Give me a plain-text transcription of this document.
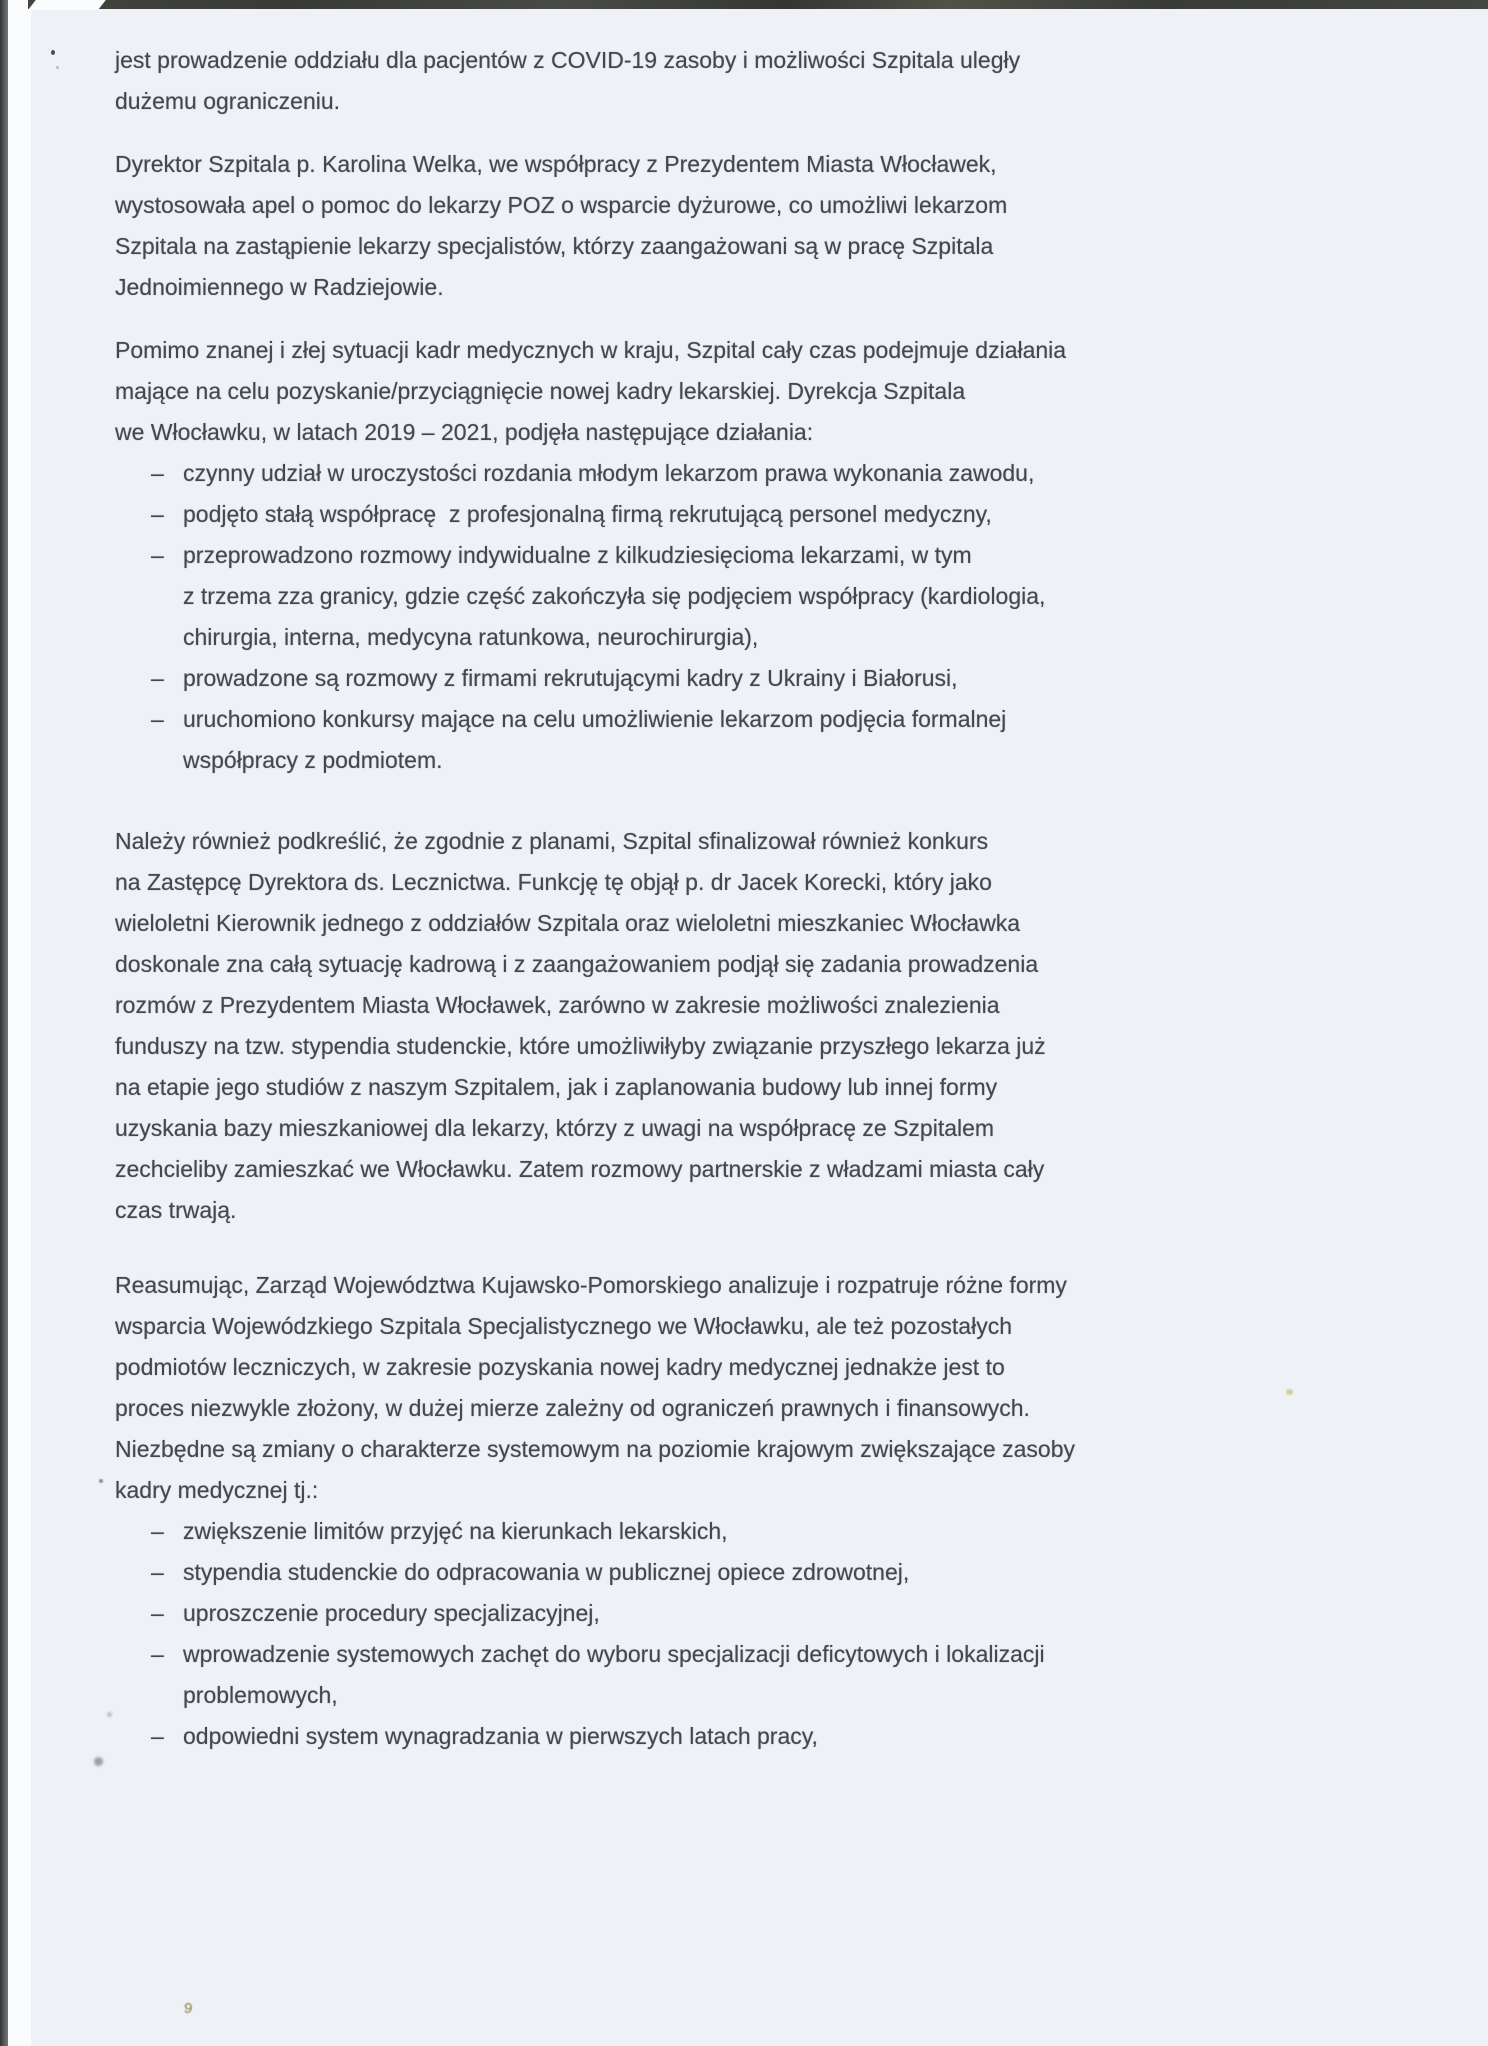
9
jest prowadzenie oddziału dla pacjentów z COVID-19 zasoby i możliwości Szpitala uległy
dużemu ograniczeniu.
Dyrektor Szpitala p. Karolina Welka, we współpracy z Prezydentem Miasta Włocławek,
wystosowała apel o pomoc do lekarzy POZ o wsparcie dyżurowe, co umożliwi lekarzom
Szpitala na zastąpienie lekarzy specjalistów, którzy zaangażowani są w pracę Szpitala
Jednoimiennego w Radziejowie.
Pomimo znanej i złej sytuacji kadr medycznych w kraju, Szpital cały czas podejmuje działania
mające na celu pozyskanie/przyciągnięcie nowej kadry lekarskiej. Dyrekcja Szpitala
we Włocławku, w latach 2019 – 2021, podjęła następujące działania:
– czynny udział w uroczystości rozdania młodym lekarzom prawa wykonania zawodu,
– podjęto stałą współpracę  z profesjonalną firmą rekrutującą personel medyczny,
– przeprowadzono rozmowy indywidualne z kilkudziesięcioma lekarzami, w tym
z trzema zza granicy, gdzie część zakończyła się podjęciem współpracy (kardiologia,
chirurgia, interna, medycyna ratunkowa, neurochirurgia),
– prowadzone są rozmowy z firmami rekrutującymi kadry z Ukrainy i Białorusi,
– uruchomiono konkursy mające na celu umożliwienie lekarzom podjęcia formalnej
współpracy z podmiotem.
Należy również podkreślić, że zgodnie z planami, Szpital sfinalizował również konkurs
na Zastępcę Dyrektora ds. Lecznictwa. Funkcję tę objął p. dr Jacek Korecki, który jako
wieloletni Kierownik jednego z oddziałów Szpitala oraz wieloletni mieszkaniec Włocławka
doskonale zna całą sytuację kadrową i z zaangażowaniem podjął się zadania prowadzenia
rozmów z Prezydentem Miasta Włocławek, zarówno w zakresie możliwości znalezienia
funduszy na tzw. stypendia studenckie, które umożliwiłyby związanie przyszłego lekarza już
na etapie jego studiów z naszym Szpitalem, jak i zaplanowania budowy lub innej formy
uzyskania bazy mieszkaniowej dla lekarzy, którzy z uwagi na współpracę ze Szpitalem
zechcieliby zamieszkać we Włocławku. Zatem rozmowy partnerskie z władzami miasta cały
czas trwają.
Reasumując, Zarząd Województwa Kujawsko-Pomorskiego analizuje i rozpatruje różne formy
wsparcia Wojewódzkiego Szpitala Specjalistycznego we Włocławku, ale też pozostałych
podmiotów leczniczych, w zakresie pozyskania nowej kadry medycznej jednakże jest to
proces niezwykle złożony, w dużej mierze zależny od ograniczeń prawnych i finansowych.
Niezbędne są zmiany o charakterze systemowym na poziomie krajowym zwiększające zasoby
kadry medycznej tj.:
– zwiększenie limitów przyjęć na kierunkach lekarskich,
– stypendia studenckie do odpracowania w publicznej opiece zdrowotnej,
– uproszczenie procedury specjalizacyjnej,
– wprowadzenie systemowych zachęt do wyboru specjalizacji deficytowych i lokalizacji
problemowych,
– odpowiedni system wynagradzania w pierwszych latach pracy,
